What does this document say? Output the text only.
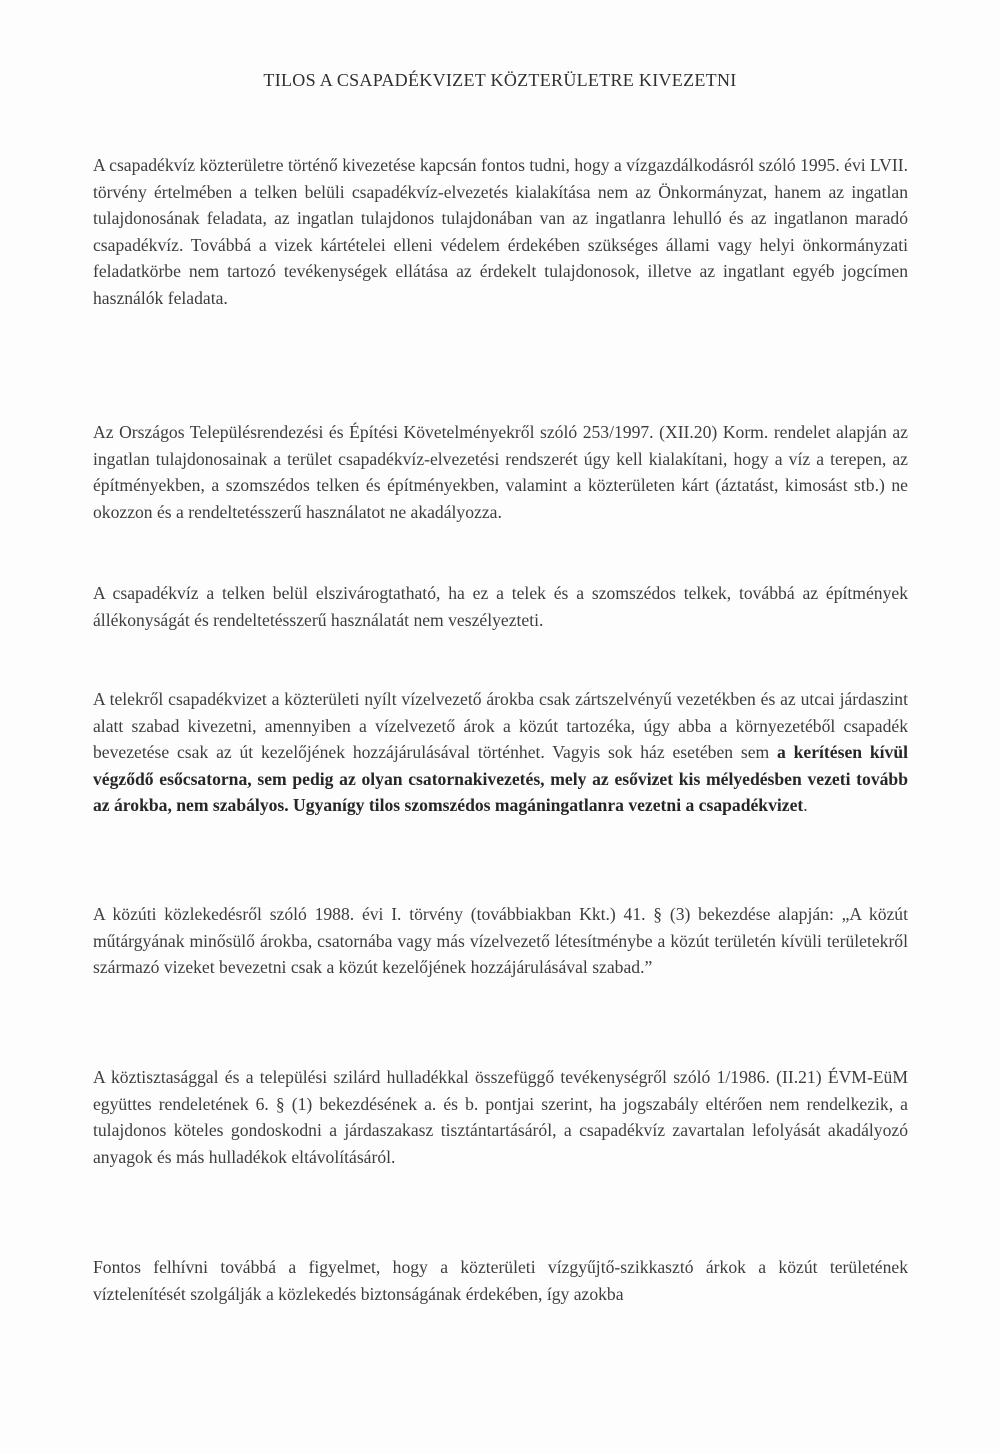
TILOS A CSAPADÉKVIZET KÖZTERÜLETRE KIVEZETNI
A csapadékvíz közterületre történő kivezetése kapcsán fontos tudni, hogy a vízgazdálkodásról szóló 1995. évi LVII. törvény értelmében a telken belüli csapadékvíz-elvezetés kialakítása nem az Önkormányzat, hanem az ingatlan tulajdonosának feladata, az ingatlan tulajdonos tulajdonában van az ingatlanra lehulló és az ingatlanon maradó csapadékvíz. Továbbá a vizek kártételei elleni védelem érdekében szükséges állami vagy helyi önkormányzati feladatkörbe nem tartozó tevékenységek ellátása az érdekelt tulajdonosok, illetve az ingatlant egyéb jogcímen használók feladata.
Az Országos Településrendezési és Építési Követelményekről szóló 253/1997. (XII.20) Korm. rendelet alapján az ingatlan tulajdonosainak a terület csapadékvíz-elvezetési rendszerét úgy kell kialakítani, hogy a víz a terepen, az építményekben, a szomszédos telken és építményekben, valamint a közterületen kárt (áztatást, kimosást stb.) ne okozzon és a rendeltetésszerű használatot ne akadályozza.
A csapadékvíz a telken belül elszivárogtatható, ha ez a telek és a szomszédos telkek, továbbá az építmények állékonyságát és rendeltetésszerű használatát nem veszélyezteti.
A telekről csapadékvizet a közterületi nyílt vízelvezető árokba csak zártszelvényű vezetékben és az utcai járdaszint alatt szabad kivezetni, amennyiben a vízelvezető árok a közút tartozéka, úgy abba a környezetéből csapadék bevezetése csak az út kezelőjének hozzájárulásával történhet. Vagyis sok ház esetében sem a kerítésen kívül végződő esőcsatorna, sem pedig az olyan csatornakivezetés, mely az esővizet kis mélyedésben vezeti tovább az árokba, nem szabályos. Ugyanígy tilos szomszédos magáningatlanra vezetni a csapadékvizet.
A közúti közlekedésről szóló 1988. évi I. törvény (továbbiakban Kkt.) 41. § (3) bekezdése alapján: „A közút műtárgyának minősülő árokba, csatornába vagy más vízelvezető létesítménybe a közút területén kívüli területekről származó vizeket bevezetni csak a közút kezelőjének hozzájárulásával szabad.”
A köztisztasággal és a települési szilárd hulladékkal összefüggő tevékenységről szóló 1/1986. (II.21) ÉVM-EüM együttes rendeletének 6. § (1) bekezdésének a. és b. pontjai szerint, ha jogszabály eltérően nem rendelkezik, a tulajdonos köteles gondoskodni a járdaszakasz tisztántartásáról, a csapadékvíz zavartalan lefolyását akadályozó anyagok és más hulladékok eltávolításáról.
Fontos felhívni továbbá a figyelmet, hogy a közterületi vízgyűjtő-szikkasztó árkok a közút területének víztelenítését szolgálják a közlekedés biztonságának érdekében, így azokba
